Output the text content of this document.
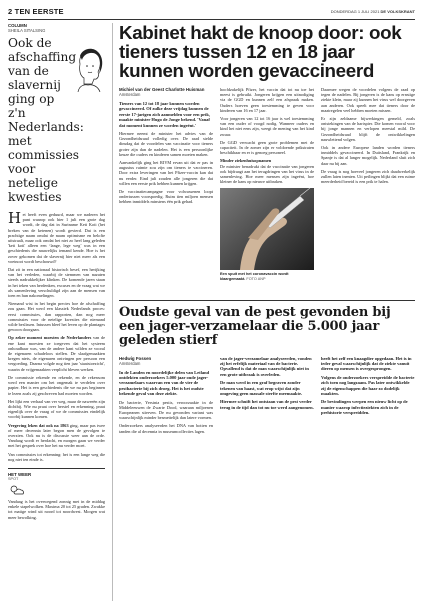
2 TEN EERSTE	DONDERDAG 1 JULI 2021 DE VOLKSKRANT
COLUMN
SHEILA SITALSING
Ook de afschaffing van de slavernij ging op z'n Nederlands: met commissies voor netelige kwesties

Het heeft even geduurd, maar we naderen het punt waarop ook hier 1 juli een grote dag wordt, de dag dat in Suriname Keti Koti (het breken van de ketenen) wordt gevierd. Dat is een prachtige naam omdat de naam optimisme en belofte uitstraalt, maar ook omdat het niet zo heel lang geleden 'keti koti' alleen een ‘lange, lege weg’ was in een geschiedenis die nauwelijks iemand kende. Hoe is het zover gekomen dat de slavernij hier niet meer als een voetnoot wordt beschouwd?

Dat zit in een nationaal historisch besef, een herijking van het verleden, waarbij de stemmen van nazaten steeds nadrukkelijker klinken. De komende jaren staan in het teken van herdenken, excuses en de vraag wat we als samenleving verschuldigd zijn aan de mensen van toen en hun nakomelingen.

Niemand wist in het begin precies hoe de afschaffing zou gaan. Het werd een klassiek Nederlands proces: eerst commissies, dan rapporten, dan nog meer commissies voor de netelige kwesties die niemand wilde beslissen. Intussen bleef het leven op de plantages gewoon doorgaan.

Op zeker moment moesten de Nederlanders van de ene kant moesten ze toegeven dat het systeem onhoudbaar was, van de andere kant wilden ze vooral de eigenaren schadeloos stellen. De slaafgemaakten kregen niets, de eigenaren ontvingen per persoon een vergoeding. Daarna volgde nog tien jaar 'staatstoezicht', waarin de vrijgemaakten verplicht bleven werken.

De commissie rekende en rekende, en de rekensom werd een manier om het ongemak te verdelen over papier. Het is een geschiedenis die we nu pas beginnen te lezen zoals zij geschreven had moeten worden.

Het lijkt een verhaal van ver weg, maar de naweeën zijn dichtbij. Wie nu praat over herstel en erkenning, praat eigenlijk over de vraag of we de commissies eindelijk voorbij kunnen komen.

Vergeving leken dat ook na 1863 ging, maar pas twee of meer decennia later begon men de gevolgen te overzien. Ook nu is de discussie weer aan de orde. Vandaag wordt er herdacht, en morgen gaan we verder met het gesprek over hoe het nu verder moet.

Van commissies tot erkenning: het is een lange weg die nog niet ten einde is.

HET WEER
SPOT

Vandaag is het overwegend zonnig met in de middag enkele stapelwolken. Maxima 20 tot 25 graden. Zwakke tot matige wind uit noord tot noordwest. Morgen wat meer bewolking.

Kabinet hakt de knoop door: ook tieners tussen 12 en 18 jaar kunnen worden gevaccineerd
Michiel van der Geest Charlotte Huisman
Amsterdam

Tieners van 12 tot 18 jaar kunnen worden gevaccineerd. Of zulke deze vrijdag kunnen de eerste 17-jarigen zich aanmelden voor een prik, maakte minister Hugo de Jonge bekend. 'Vanaf dat moment kunnen ze worden ingeënt.'

Hiermee neemt de minister het advies van de Gezondheidsraad volledig over. De raad stelde dinsdag dat de voordelen van vaccinatie voor tieners groter zijn dan de nadelen. Het is een persoonlijke keuze die ouders en kinderen samen moeten maken.

Aanvankelijk ging het RIVM ervan uit dat er pas in augustus ruimte zou zijn om tieners te vaccineren. Door extra leveringen van het Pfizer-vaccin kan dat nu eerder. Eind juli zouden alle jongeren die dat willen een eerste prik hebben kunnen krijgen.

De vaccinatiecampagne voor volwassenen loopt ondertussen voorspoedig. Ruim tien miljoen mensen hebben inmiddels minstens één prik gehad.

hoofdzakelijk Pfizer, het vaccin dat tot nu toe het meest is gebruikt. Jongeren krijgen een uitnodiging via de GGD en kunnen zelf een afspraak maken. Ouders hoeven geen toestemming te geven voor kinderen van 16 en 17 jaar.

Voor jongeren van 12 tot 16 jaar is wel toestemming van een ouder of voogd nodig. Wanneer ouders en kind het niet eens zijn, weegt de mening van het kind zwaar.

De GGD verwacht geen grote problemen met de capaciteit. In de zomer zijn er voldoende prikstraten beschikbaar en er is genoeg personeel.

Minder ziekenhuisopnamen
De minister benadrukt dat de vaccinatie van jongeren ook bijdraagt aan het terugdringen van het virus in de samenleving. Hoe meer mensen zijn ingeënt, hoe kleiner de kans op nieuwe uitbraken.

Een spuit met het coronavaccin wordt klaargemaakt. FOTO ANP

Daarmee wegen de voordelen volgens de raad op tegen de nadelen. Bij jongeren is de kans op ernstige ziekte klein, maar zij kunnen het virus wel doorgeven aan anderen. Ook speelt mee dat tieners door de maatregelen veel hebben moeten missen.

Er zijn zeldzame bijwerkingen gemeld, zoals ontstekingen van de hartspier. Die komen vooral voor bij jonge mannen en verlopen meestal mild. De Gezondheidsraad blijft de ontwikkelingen nauwlettend volgen.

Ook in andere Europese landen worden tieners inmiddels gevaccineerd. In Duitsland, Frankrijk en Spanje is dat al langer mogelijk. Nederland sluit zich daar nu bij aan.

De vraag is nog hoeveel jongeren zich daadwerkelijk zullen laten inenten. Uit peilingen blijkt dat een ruime meerderheid bereid is een prik te halen.

Oudste geval van de pest gevonden bij een jager-verzamelaar die 5.000 jaar geleden stierf
Hedwig Fossen
Amsterdam

In de Landen en noordelijke delen van Letland ontdekten onderzoekers 5.000 jaar oude jager-verzamelaars waarvan een van de vier de pestbacterie bij zich droeg. Het is het oudste bekende geval van deze ziekte.

De bacterie, Yersinia pestis, veroorzaakte in de Middeleeuwen de Zwarte Dood, waaraan miljoenen Europeanen stierven. De nu gevonden variant was waarschijnlijk minder besmettelijk dan latere vormen.

Onderzoekers analyseerden het DNA van botten en tanden die al decennia in museumcollecties lagen.

van de jager-verzamelaar analyseerden, vonden zij het erfelijk materiaal van de bacterie. Opvallend is dat de man waarschijnlijk niet in een grote uitbraak is overleden.

De man werd in een graf begraven zonder tekenen van haast, wat erop wijst dat zijn omgeving geen massale sterfte meemaakte.

Hiermee schuift het ontstaan van de pest verder terug in de tijd dan tot nu toe werd aangenomen.

heeft het zelf een knaagdier opgedaan. Het is in ieder geval waarschijnlijk dat de ziekte vanuit dieren op mensen is overgesprongen.

Volgens de onderzoekers verspreidde de bacterie zich toen nog langzaam. Pas later ontwikkelde zij de eigenschappen die haar zo dodelijk maakten.

De bevindingen werpen een nieuw licht op de manier waarop infectieziekten zich in de prehistorie verspreidden.
